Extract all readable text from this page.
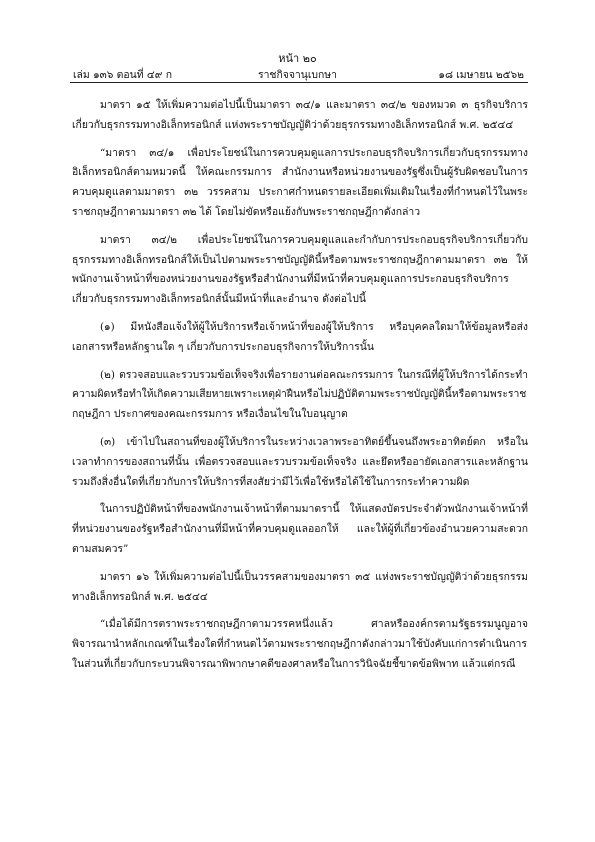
หน้า ๒๐
เล่ม ๑๓๖ ตอนที่ ๔๙ ก	ราชกิจจานุเบกษา	๑๘ เมษายน ๒๕๖๒

มาตรา ๑๕ ให้เพิ่มความต่อไปนี้เป็นมาตรา ๓๔/๑ และมาตรา ๓๔/๒ ของหมวด ๓ ธุรกิจบริการเกี่ยวกับธุรกรรมทางอิเล็กทรอนิกส์ แห่งพระราชบัญญัติว่าด้วยธุรกรรมทางอิเล็กทรอนิกส์ พ.ศ. ๒๕๔๔

“มาตรา ๓๔/๑ เพื่อประโยชน์ในการควบคุมดูแลการประกอบธุรกิจบริการเกี่ยวกับธุรกรรมทางอิเล็กทรอนิกส์ตามหมวดนี้ ให้คณะกรรมการ สำนักงานหรือหน่วยงานของรัฐซึ่งเป็นผู้รับผิดชอบในการควบคุมดูแลตามมาตรา ๓๒ วรรคสาม ประกาศกำหนดรายละเอียดเพิ่มเติมในเรื่องที่กำหนดไว้ในพระราชกฤษฎีกาตามมาตรา ๓๒ ได้ โดยไม่ขัดหรือแย้งกับพระราชกฤษฎีกาดังกล่าว

มาตรา ๓๔/๒ เพื่อประโยชน์ในการควบคุมดูแลและกำกับการประกอบธุรกิจบริการเกี่ยวกับธุรกรรมทางอิเล็กทรอนิกส์ให้เป็นไปตามพระราชบัญญัตินี้หรือตามพระราชกฤษฎีกาตามมาตรา ๓๒ ให้พนักงานเจ้าหน้าที่ของหน่วยงานของรัฐหรือสำนักงานที่มีหน้าที่ควบคุมดูแลการประกอบธุรกิจบริการเกี่ยวกับธุรกรรมทางอิเล็กทรอนิกส์นั้นมีหน้าที่และอำนาจ ดังต่อไปนี้

(๑) มีหนังสือแจ้งให้ผู้ให้บริการหรือเจ้าหน้าที่ของผู้ให้บริการ หรือบุคคลใดมาให้ข้อมูลหรือส่งเอกสารหรือหลักฐานใด ๆ เกี่ยวกับการประกอบธุรกิจการให้บริการนั้น

(๒) ตรวจสอบและรวบรวมข้อเท็จจริงเพื่อรายงานต่อคณะกรรมการ ในกรณีที่ผู้ให้บริการได้กระทำความผิดหรือทำให้เกิดความเสียหายเพราะเหตุฝ่าฝืนหรือไม่ปฏิบัติตามพระราชบัญญัตินี้หรือตามพระราชกฤษฎีกา ประกาศของคณะกรรมการ หรือเงื่อนไขในใบอนุญาต

(๓) เข้าไปในสถานที่ของผู้ให้บริการในระหว่างเวลาพระอาทิตย์ขึ้นจนถึงพระอาทิตย์ตก หรือในเวลาทำการของสถานที่นั้น เพื่อตรวจสอบและรวบรวมข้อเท็จจริง และยึดหรืออายัดเอกสารและหลักฐาน รวมถึงสิ่งอื่นใดที่เกี่ยวกับการให้บริการที่สงสัยว่ามีไว้เพื่อใช้หรือได้ใช้ในการกระทำความผิด

ในการปฏิบัติหน้าที่ของพนักงานเจ้าหน้าที่ตามมาตรานี้ ให้แสดงบัตรประจำตัวพนักงานเจ้าหน้าที่ที่หน่วยงานของรัฐหรือสำนักงานที่มีหน้าที่ควบคุมดูแลออกให้ และให้ผู้ที่เกี่ยวข้องอำนวยความสะดวกตามสมควร”

มาตรา ๑๖ ให้เพิ่มความต่อไปนี้เป็นวรรคสามของมาตรา ๓๕ แห่งพระราชบัญญัติว่าด้วยธุรกรรมทางอิเล็กทรอนิกส์ พ.ศ. ๒๕๔๔

“เมื่อได้มีการตราพระราชกฤษฎีกาตามวรรคหนึ่งแล้ว ศาลหรือองค์กรตามรัฐธรรมนูญอาจพิจารณานำหลักเกณฑ์ในเรื่องใดที่กำหนดไว้ตามพระราชกฤษฎีกาดังกล่าวมาใช้บังคับแก่การดำเนินการในส่วนที่เกี่ยวกับกระบวนพิจารณาพิพากษาคดีของศาลหรือในการวินิจฉัยชี้ขาดข้อพิพาท แล้วแต่กรณี
